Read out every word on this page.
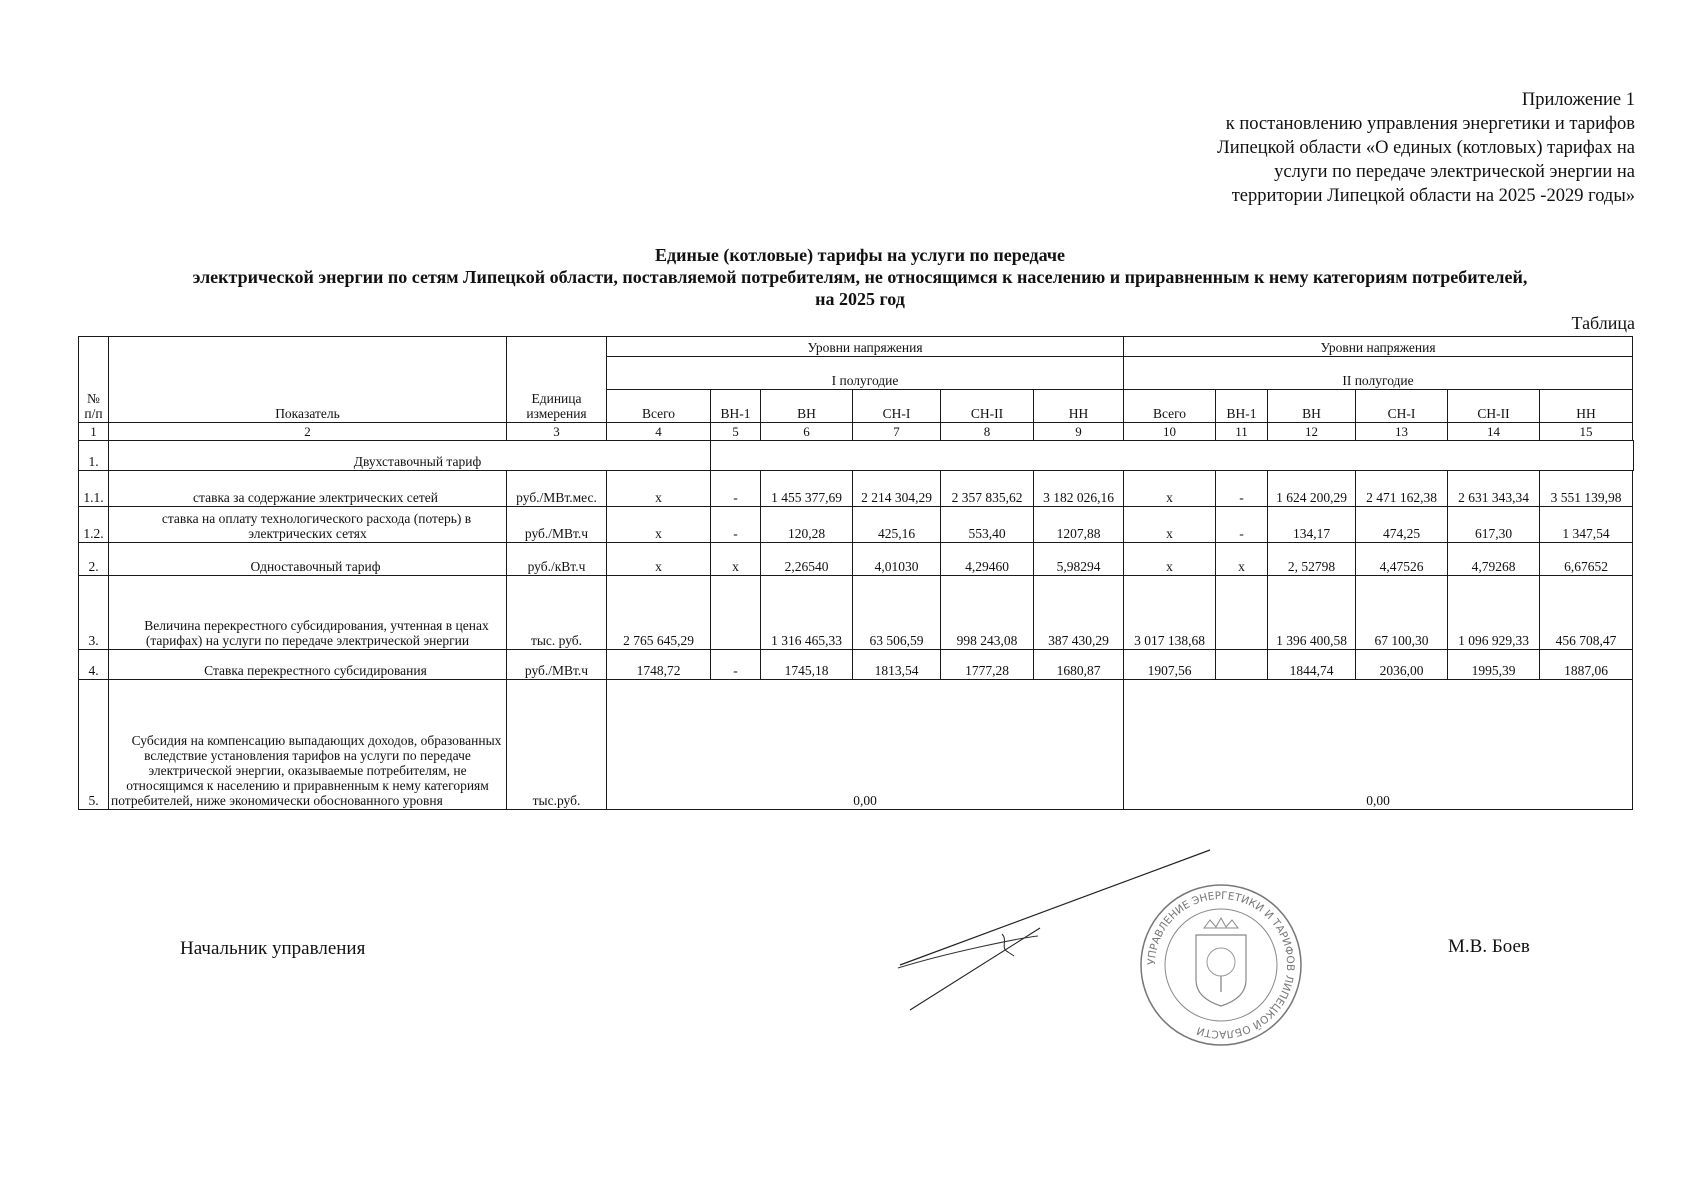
Приложение 1
к постановлению управления энергетики и тарифов
Липецкой области «О единых (котловых) тарифах на
услуги по передаче электрической энергии на
территории Липецкой области на 2025 -2029 годы»
Единые (котловые) тарифы на услуги по передаче
электрической энергии по сетям Липецкой области, поставляемой потребителям, не относящимся к населению и приравненным к нему категориям потребителей,
на 2025 год
Таблица
№ п/п	Показатель	Единица измерения	Уровни напряжения						Уровни напряжения					
			I полугодие						II полугодие					
			Всего	ВН-1	ВН	СН-I	СН-II	НН	Всего	ВН-1	ВН	СН-I	СН-II	НН
1	2	3	4	5	6	7	8	9	10	11	12	13	14	15
1.	Двухставочный тариф													
1.1.	ставка за содержание электрических сетей	руб./МВт.мес.	х	-	1 455 377,69	2 214 304,29	2 357 835,62	3 182 026,16	х	-	1 624 200,29	2 471 162,38	2 631 343,34	3 551 139,98
1.2.	ставка на оплату технологического расхода (потерь) в электрических сетях	руб./МВт.ч	х	-	120,28	425,16	553,40	1207,88	х	-	134,17	474,25	617,30	1 347,54
2.	Одноставочный тариф	руб./кВт.ч	х	х	2,26540	4,01030	4,29460	5,98294	х	х	2, 52798	4,47526	4,79268	6,67652
3.	Величина перекрестного субсидирования, учтенная в ценах (тарифах) на услуги по передаче электрической энергии	тыс. руб.	2 765 645,29		1 316 465,33	63 506,59	998 243,08	387 430,29	3 017 138,68		1 396 400,58	67 100,30	1 096 929,33	456 708,47
4.	Ставка перекрестного субсидирования	руб./МВт.ч	1748,72	-	1745,18	1813,54	1777,28	1680,87	1907,56		1844,74	2036,00	1995,39	1887,06
5.	Субсидия на компенсацию выпадающих доходов, образованных вследствие установления тарифов на услуги по передаче электрической энергии, оказываемые потребителям, не относящимся к населению и приравненным к нему категориям потребителей, ниже экономически обоснованного уровня	тыс.руб.	0,00						0,00					
Начальник управления	М.В. Боев
УПРАВЛЕНИЕ ЭНЕРГЕТИКИ И ТАРИФОВ ЛИПЕЦКОЙ ОБЛАСТИ
